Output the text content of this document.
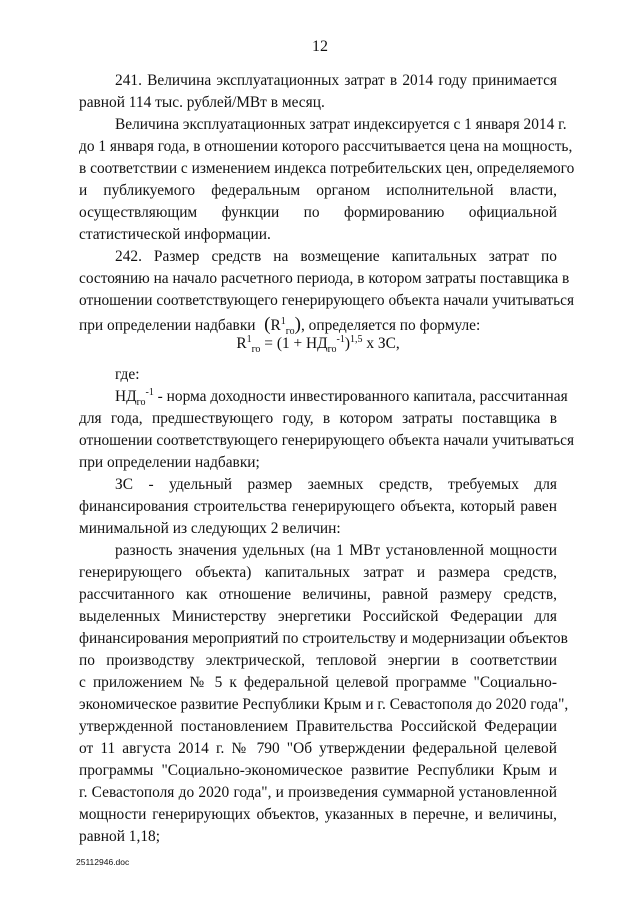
12
241. Величина эксплуатационных затрат в 2014 году принимается
равной 114 тыс. рублей/МВт в месяц.
Величина эксплуатационных затрат индексируется с 1 января 2014 г.
до 1 января года, в отношении которого рассчитывается цена на мощность,
в соответствии с изменением индекса потребительских цен, определяемого
и публикуемого федеральным органом исполнительной власти,
осуществляющим функции по формированию официальной
статистической информации.
242. Размер средств на возмещение капитальных затрат по
состоянию на начало расчетного периода, в котором затраты поставщика в
отношении соответствующего генерирующего объекта начали учитываться
при определении надбавки  $(R^1_{го})$, определяется по формуле:
$R^1_{го} = (1 + НД_{го}^{-1})^{1,5}$ х ЗС,
где:
$НД_{го}^{-1}$ - норма доходности инвестированного капитала, рассчитанная
для года, предшествующего году, в котором затраты поставщика в
отношении соответствующего генерирующего объекта начали учитываться
при определении надбавки;
ЗС - удельный размер заемных средств, требуемых для
финансирования строительства генерирующего объекта, который равен
минимальной из следующих 2 величин:
разность значения удельных (на 1 МВт установленной мощности
генерирующего объекта) капитальных затрат и размера средств,
рассчитанного как отношение величины, равной размеру средств,
выделенных Министерству энергетики Российской Федерации для
финансирования мероприятий по строительству и модернизации объектов
по производству электрической, тепловой энергии в соответствии
с приложением № 5 к федеральной целевой программе "Социально-
экономическое развитие Республики Крым и г. Севастополя до 2020 года",
утвержденной постановлением Правительства Российской Федерации
от 11 августа 2014 г. № 790 "Об утверждении федеральной целевой
программы "Социально-экономическое развитие Республики Крым и
г. Севастополя до 2020 года", и произведения суммарной установленной
мощности генерирующих объектов, указанных в перечне, и величины,
равной 1,18;
25112946.doc
